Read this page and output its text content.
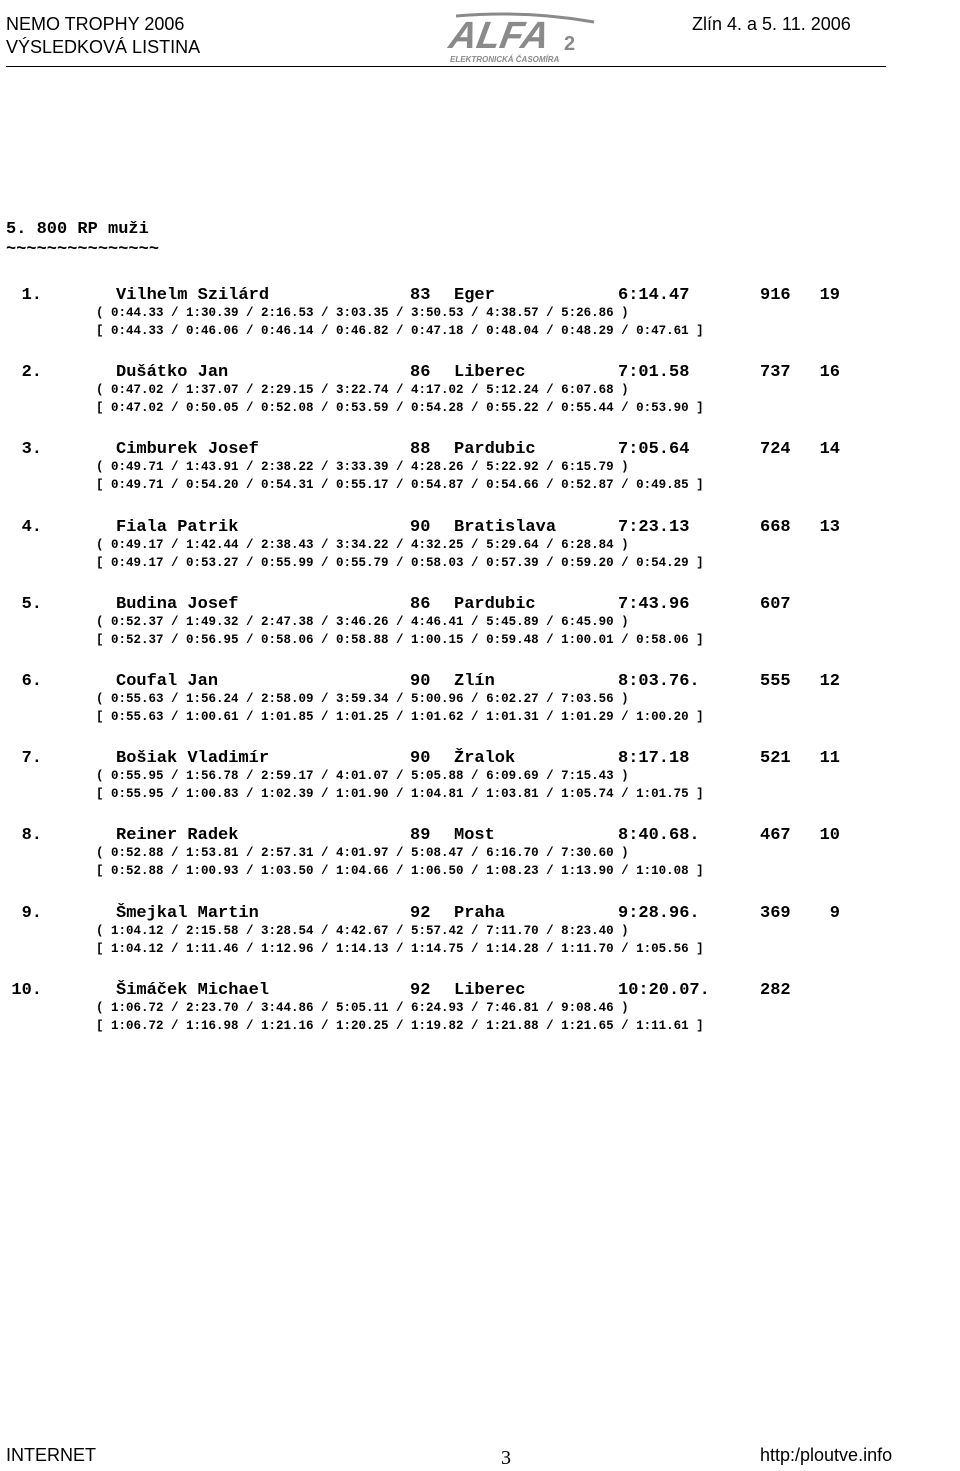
NEMO TROPHY 2006
VÝSLEDKOVÁ LISTINA	ALFA 2
ELEKTRONICKÁ ČASOMÍRA
Zlín 4. a 5. 11. 2006
5. 800 RP muži
~~~~~~~~~~~~~~~
1.	Vilhelm Szilárd	83 Eger	6:14.47	916	19
( 0:44.33 / 1:30.39 / 2:16.53 / 3:03.35 / 3:50.53 / 4:38.57 / 5:26.86 )
[ 0:44.33 / 0:46.06 / 0:46.14 / 0:46.82 / 0:47.18 / 0:48.04 / 0:48.29 / 0:47.61 ]
2.	Dušátko Jan	86 Liberec	7:01.58	737	16
( 0:47.02 / 1:37.07 / 2:29.15 / 3:22.74 / 4:17.02 / 5:12.24 / 6:07.68 )
[ 0:47.02 / 0:50.05 / 0:52.08 / 0:53.59 / 0:54.28 / 0:55.22 / 0:55.44 / 0:53.90 ]
3.	Cimburek Josef	88 Pardubic	7:05.64	724	14
( 0:49.71 / 1:43.91 / 2:38.22 / 3:33.39 / 4:28.26 / 5:22.92 / 6:15.79 )
[ 0:49.71 / 0:54.20 / 0:54.31 / 0:55.17 / 0:54.87 / 0:54.66 / 0:52.87 / 0:49.85 ]
4.	Fiala Patrik	90 Bratislava	7:23.13	668	13
( 0:49.17 / 1:42.44 / 2:38.43 / 3:34.22 / 4:32.25 / 5:29.64 / 6:28.84 )
[ 0:49.17 / 0:53.27 / 0:55.99 / 0:55.79 / 0:58.03 / 0:57.39 / 0:59.20 / 0:54.29 ]
5.	Budina Josef	86 Pardubic	7:43.96	607
( 0:52.37 / 1:49.32 / 2:47.38 / 3:46.26 / 4:46.41 / 5:45.89 / 6:45.90 )
[ 0:52.37 / 0:56.95 / 0:58.06 / 0:58.88 / 1:00.15 / 0:59.48 / 1:00.01 / 0:58.06 ]
6.	Coufal Jan	90 Zlín	8:03.76.	555	12
( 0:55.63 / 1:56.24 / 2:58.09 / 3:59.34 / 5:00.96 / 6:02.27 / 7:03.56 )
[ 0:55.63 / 1:00.61 / 1:01.85 / 1:01.25 / 1:01.62 / 1:01.31 / 1:01.29 / 1:00.20 ]
7.	Bošiak Vladimír	90 Žralok	8:17.18	521	11
( 0:55.95 / 1:56.78 / 2:59.17 / 4:01.07 / 5:05.88 / 6:09.69 / 7:15.43 )
[ 0:55.95 / 1:00.83 / 1:02.39 / 1:01.90 / 1:04.81 / 1:03.81 / 1:05.74 / 1:01.75 ]
8.	Reiner Radek	89 Most	8:40.68.	467	10
( 0:52.88 / 1:53.81 / 2:57.31 / 4:01.97 / 5:08.47 / 6:16.70 / 7:30.60 )
[ 0:52.88 / 1:00.93 / 1:03.50 / 1:04.66 / 1:06.50 / 1:08.23 / 1:13.90 / 1:10.08 ]
9.	Šmejkal Martin	92 Praha	9:28.96.	369	9
( 1:04.12 / 2:15.58 / 3:28.54 / 4:42.67 / 5:57.42 / 7:11.70 / 8:23.40 )
[ 1:04.12 / 1:11.46 / 1:12.96 / 1:14.13 / 1:14.75 / 1:14.28 / 1:11.70 / 1:05.56 ]
10.	Šimáček Michael	92 Liberec	10:20.07.	282
( 1:06.72 / 2:23.70 / 3:44.86 / 5:05.11 / 6:24.93 / 7:46.81 / 9:08.46 )
[ 1:06.72 / 1:16.98 / 1:21.16 / 1:20.25 / 1:19.82 / 1:21.88 / 1:21.65 / 1:11.61 ]
INTERNET	3	http:/ploutve.info
